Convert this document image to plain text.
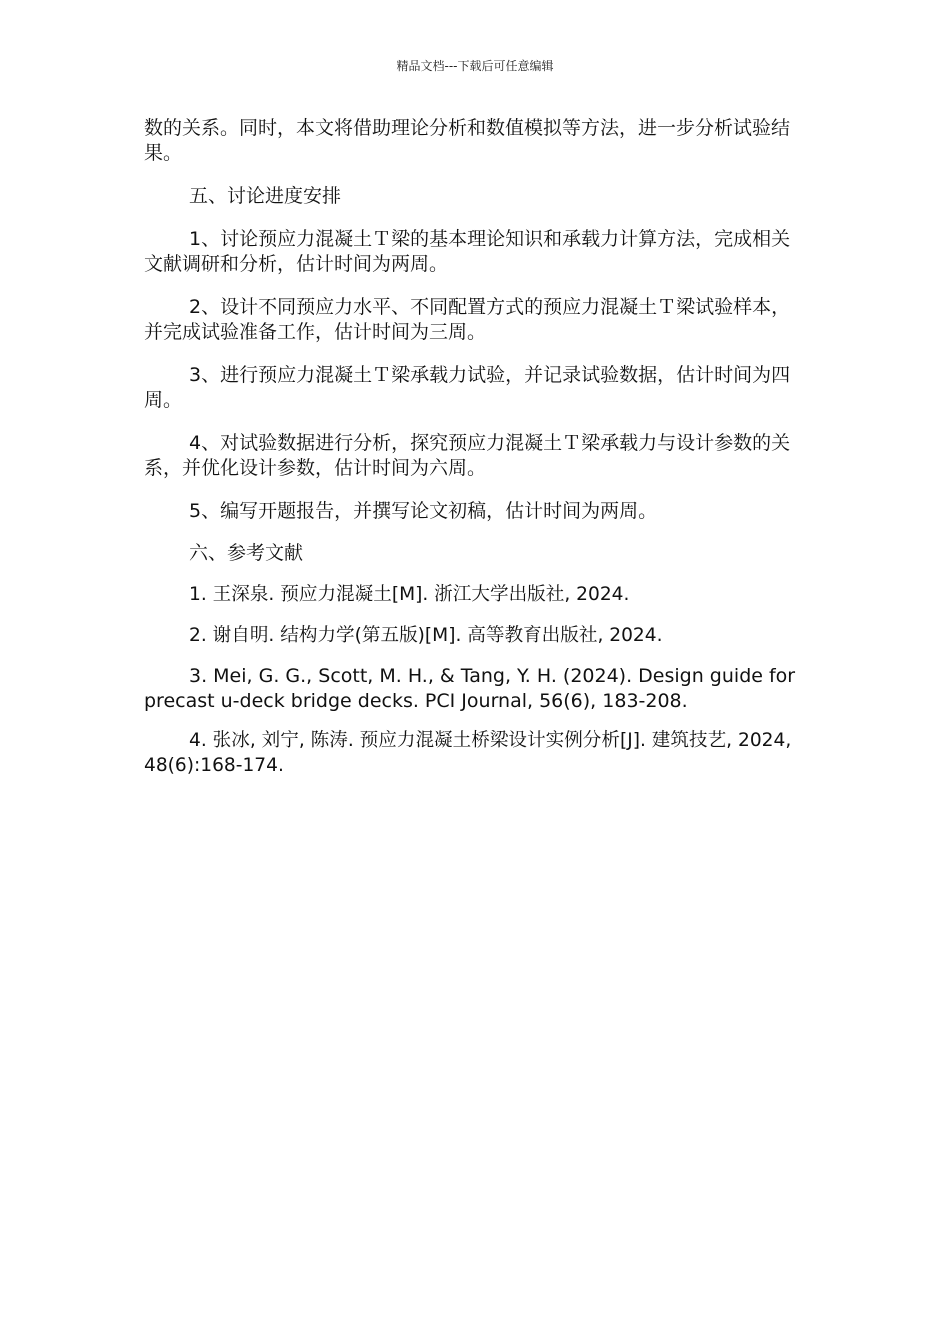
精品文档---下载后可任意编辑

数的关系。同时，本文将借助理论分析和数值模拟等方法，进一步分析试验结果。

五、讨论进度安排

1、讨论预应力混凝土Ｔ梁的基本理论知识和承载力计算方法，完成相关文献调研和分析，估计时间为两周。

2、设计不同预应力水平、不同配置方式的预应力混凝土Ｔ梁试验样本，并完成试验准备工作，估计时间为三周。

3、进行预应力混凝土Ｔ梁承载力试验，并记录试验数据，估计时间为四周。

4、对试验数据进行分析，探究预应力混凝土Ｔ梁承载力与设计参数的关系，并优化设计参数，估计时间为六周。

5、编写开题报告，并撰写论文初稿，估计时间为两周。

六、参考文献

1. 王深泉. 预应力混凝土[M]. 浙江大学出版社, 2024.

2. 谢自明. 结构力学(第五版)[M]. 高等教育出版社, 2024.

3. Mei, G. G., Scott, M. H., & Tang, Y. H. (2024). Design guide for precast u-deck bridge decks. PCI Journal, 56(6), 183-208.

4. 张冰, 刘宁, 陈涛. 预应力混凝土桥梁设计实例分析[J]. 建筑技艺, 2024, 48(6):168-174.
